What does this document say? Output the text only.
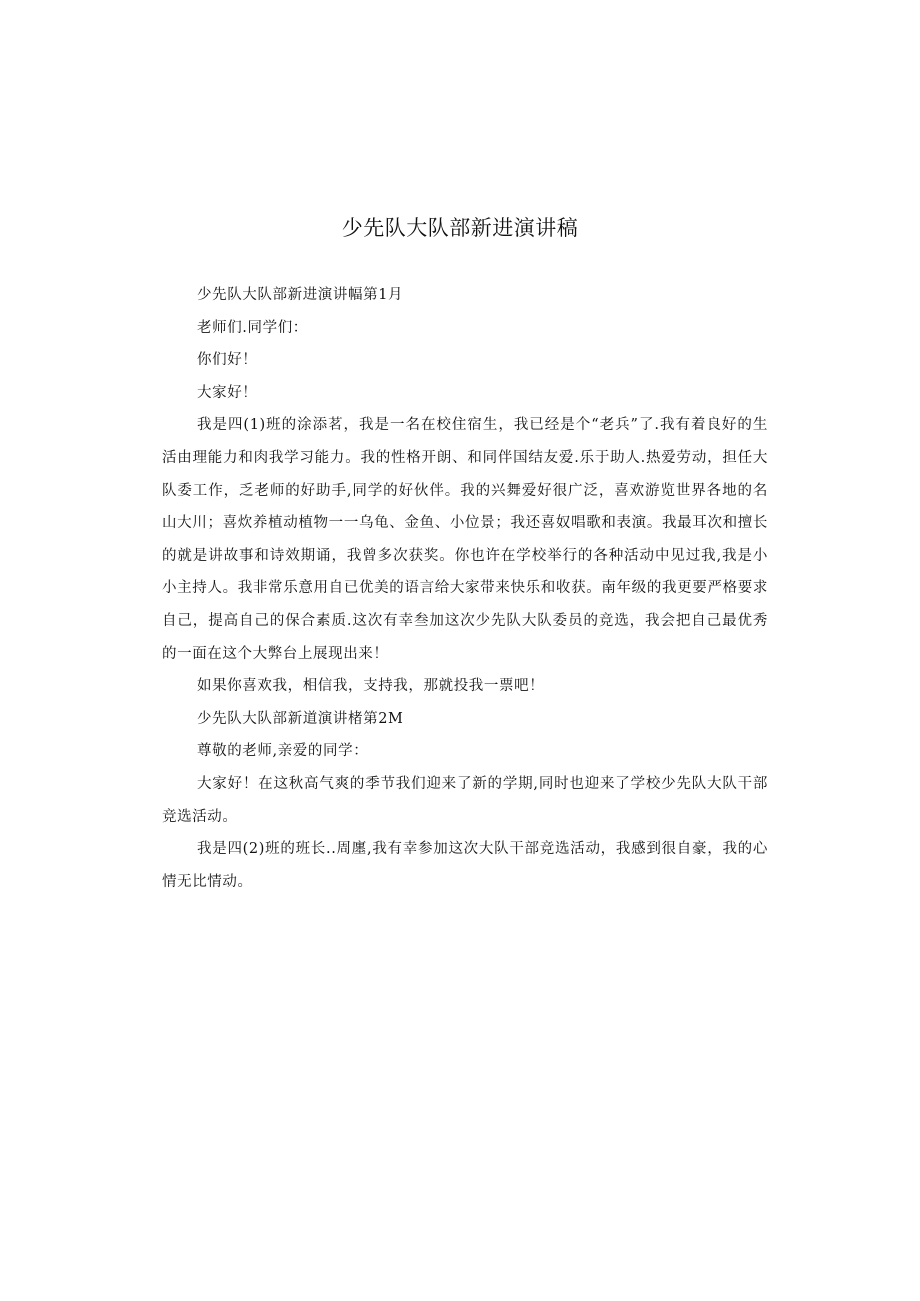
少先队大队部新进演讲稿

少先队大队部新进演讲幅第1月

老师们.同学们：

你们好！

大家好！

我是四(1)班的涂添茗，我是一名在校住宿生，我已经是个“老兵”了.我有着良好的生活由理能力和肉我学习能力。我的性格开朗、和同伴国结友爱.乐于助人.热爱劳动，担任大队委工作，乏老师的好助手,同学的好伙伴。我的兴舞爱好很广泛，喜欢游览世界各地的名山大川；喜炊养植动植物一一乌龟、金鱼、小位景；我还喜奴唱歌和表演。我最耳次和擅长的就是讲故事和诗效期诵，我曾多次获奖。你也许在学校举行的各种活动中见过我,我是小小主持人。我非常乐意用自已优美的语言给大家带来快乐和收获。南年级的我更要严格要求自己，提高自己的保合素质.这次有幸叁加这次少先队大队委员的竞选，我会把自己最优秀的一面在这个大弊台上展现出来！

如果你喜欢我，相信我，支持我，那就投我一票吧！

少先队大队部新道演讲楮第2M

尊敬的老师,亲爱的同学：

大家好！在这秋高气爽的季节我们迎来了新的学期,同时也迎来了学校少先队大队干部竞选活动。

我是四(2)班的班长..周廛,我有幸参加这次大队干部竞选活动，我感到很自豪，我的心情无比情动。
